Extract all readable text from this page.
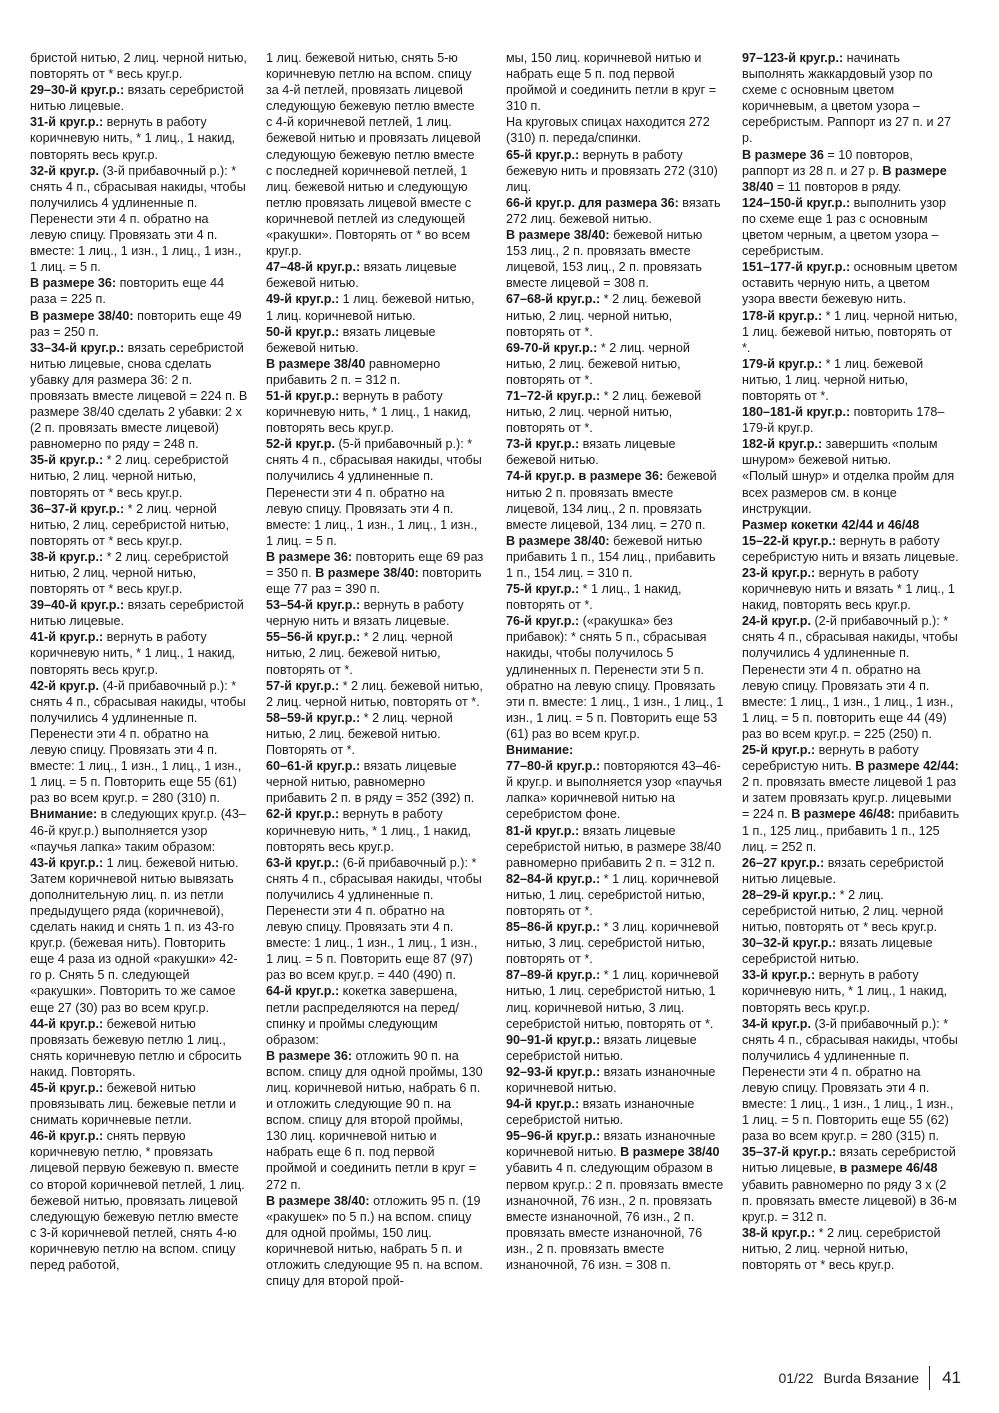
бристой нитью, 2 лиц. черной нитью, повторять от * весь круг.р.
29–30-й круг.р.: вязать серебристой нитью лицевые.
31-й круг.р.: вернуть в работу коричневую нить, * 1 лиц., 1 накид, повторять весь круг.р.
32-й круг.р. (3-й прибавочный р.): * снять 4 п., сбрасывая накиды, чтобы получились 4 удлиненные п. Перенести эти 4 п. обратно на левую спицу. Провязать эти 4 п. вместе: 1 лиц., 1 изн., 1 лиц., 1 изн., 1 лиц. = 5 п.
В размере 36: повторить еще 44 раза = 225 п.
В размере 38/40: повторить еще 49 раз = 250 п.
33–34-й круг.р.: вязать серебристой нитью лицевые, снова сделать убавку для размера 36: 2 п. провязать вместе лицевой = 224 п. В размере 38/40 сделать 2 убавки: 2 х (2 п. провязать вместе лицевой) равномерно по ряду = 248 п.
35-й круг.р.: * 2 лиц. серебристой нитью, 2 лиц. черной нитью, повторять от * весь круг.р.
36–37-й круг.р.: * 2 лиц. черной нитью, 2 лиц. серебристой нитью, повторять от * весь круг.р.
38-й круг.р.: * 2 лиц. серебристой нитью, 2 лиц. черной нитью, повторять от * весь круг.р.
39–40-й круг.р.: вязать серебристой нитью лицевые.
41-й круг.р.: вернуть в работу коричневую нить, * 1 лиц., 1 накид, повторять весь круг.р.
42-й круг.р. (4-й прибавочный р.): * снять 4 п., сбрасывая накиды, чтобы получились 4 удлиненные п. Перенести эти 4 п. обратно на левую спицу. Провязать эти 4 п. вместе: 1 лиц., 1 изн., 1 лиц., 1 изн., 1 лиц. = 5 п. Повторить еще 55 (61) раз во всем круг.р. = 280 (310) п.
Внимание: в следующих круг.р. (43–46-й круг.р.) выполняется узор «паучья лапка» таким образом:
43-й круг.р.: 1 лиц. бежевой нитью. Затем коричневой нитью вывязать дополнительную лиц. п. из петли предыдущего ряда (коричневой), сделать накид и снять 1 п. из 43-го круг.р. (бежевая нить). Повторить еще 4 раза из одной «ракушки» 42-го р. Снять 5 п. следующей «ракушки». Повторить то же самое еще 27 (30) раз во всем круг.р.
44-й круг.р.: бежевой нитью провязать бежевую петлю 1 лиц., снять коричневую петлю и сбросить накид. Повторять.
45-й круг.р.: бежевой нитью провязывать лиц. бежевые петли и снимать коричневые петли.
46-й круг.р.: снять первую коричневую петлю, * провязать лицевой первую бежевую п. вместе со второй коричневой петлей, 1 лиц. бежевой нитью, провязать лицевой следующую бежевую петлю вместе с 3-й коричневой петлей, снять 4-ю коричневую петлю на вспом. спицу перед работой,
1 лиц. бежевой нитью, снять 5-ю коричневую петлю на вспом. спицу за 4-й петлей, провязать лицевой следующую бежевую петлю вместе с 4-й коричневой петлей, 1 лиц. бежевой нитью и провязать лицевой следующую бежевую петлю вместе с последней коричневой петлей, 1 лиц. бежевой нитью и следующую петлю провязать лицевой вместе с коричневой петлей из следующей «ракушки». Повторять от * во всем круг.р.
47–48-й круг.р.: вязать лицевые бежевой нитью.
49-й круг.р.: 1 лиц. бежевой нитью, 1 лиц. коричневой нитью.
50-й круг.р.: вязать лицевые бежевой нитью.
В размере 38/40 равномерно прибавить 2 п. = 312 п.
51-й круг.р.: вернуть в работу коричневую нить, * 1 лиц., 1 накид, повторять весь круг.р.
52-й круг.р. (5-й прибавочный р.): * снять 4 п., сбрасывая накиды, чтобы получились 4 удлиненные п. Перенести эти 4 п. обратно на левую спицу. Провязать эти 4 п. вместе: 1 лиц., 1 изн., 1 лиц., 1 изн., 1 лиц. = 5 п.
В размере 36: повторить еще 69 раз = 350 п. В размере 38/40: повторить еще 77 раз = 390 п.
53–54-й круг.р.: вернуть в работу черную нить и вязать лицевые.
55–56-й круг.р.: * 2 лиц. черной нитью, 2 лиц. бежевой нитью, повторять от *.
57-й круг.р.: * 2 лиц. бежевой нитью, 2 лиц. черной нитью, повторять от *.
58–59-й круг.р.: * 2 лиц. черной нитью, 2 лиц. бежевой нитью. Повторять от *.
60–61-й круг.р.: вязать лицевые черной нитью, равномерно прибавить 2 п. в ряду = 352 (392) п.
62-й круг.р.: вернуть в работу коричневую нить, * 1 лиц., 1 накид, повторять весь круг.р.
63-й круг.р.: (6-й прибавочный р.): * снять 4 п., сбрасывая накиды, чтобы получились 4 удлиненные п. Перенести эти 4 п. обратно на левую спицу. Провязать эти 4 п. вместе: 1 лиц., 1 изн., 1 лиц., 1 изн., 1 лиц. = 5 п. Повторить еще 87 (97) раз во всем круг.р. = 440 (490) п.
64-й круг.р.: кокетка завершена, петли распределяются на перед/спинку и проймы следующим образом:
В размере 36: отложить 90 п. на вспом. спицу для одной проймы, 130 лиц. коричневой нитью, набрать 6 п. и отложить следующие 90 п. на вспом. спицу для второй проймы, 130 лиц. коричневой нитью и набрать еще 6 п. под первой проймой и соединить петли в круг = 272 п.
В размере 38/40: отложить 95 п. (19 «ракушек» по 5 п.) на вспом. спицу для одной проймы, 150 лиц. коричневой нитью, набрать 5 п. и отложить следующие 95 п. на вспом. спицу для второй прой-
мы, 150 лиц. коричневой нитью и набрать еще 5 п. под первой проймой и соединить петли в круг = 310 п.
На круговых спицах находится 272 (310) п. переда/спинки.
65-й круг.р.: вернуть в работу бежевую нить и провязать 272 (310) лиц.
66-й круг.р. для размера 36: вязать 272 лиц. бежевой нитью.
В размере 38/40: бежевой нитью 153 лиц., 2 п. провязать вместе лицевой, 153 лиц., 2 п. провязать вместе лицевой = 308 п.
67–68-й круг.р.: * 2 лиц. бежевой нитью, 2 лиц. черной нитью, повторять от *.
69-70-й круг.р.: * 2 лиц. черной нитью, 2 лиц. бежевой нитью, повторять от *.
71–72-й круг.р.: * 2 лиц. бежевой нитью, 2 лиц. черной нитью, повторять от *.
73-й круг.р.: вязать лицевые бежевой нитью.
74-й круг.р. в размере 36: бежевой нитью 2 п. провязать вместе лицевой, 134 лиц., 2 п. провязать вместе лицевой, 134 лиц. = 270 п.
В размере 38/40: бежевой нитью прибавить 1 п., 154 лиц., прибавить 1 п., 154 лиц. = 310 п.
75-й круг.р.: * 1 лиц., 1 накид, повторять от *.
76-й круг.р.: («ракушка» без прибавок): * снять 5 п., сбрасывая накиды, чтобы получилось 5 удлиненных п. Перенести эти 5 п. обратно на левую спицу. Провязать эти п. вместе: 1 лиц., 1 изн., 1 лиц., 1 изн., 1 лиц. = 5 п. Повторить еще 53 (61) раз во всем круг.р.
Внимание:
77–80-й круг.р.: повторяются 43–46-й круг.р. и выполняется узор «паучья лапка» коричневой нитью на серебристом фоне.
81-й круг.р.: вязать лицевые серебристой нитью, в размере 38/40 равномерно прибавить 2 п. = 312 п.
82–84-й круг.р.: * 1 лиц. коричневой нитью, 1 лиц. серебристой нитью, повторять от *.
85–86-й круг.р.: * 3 лиц. коричневой нитью, 3 лиц. серебристой нитью, повторять от *.
87–89-й круг.р.: * 1 лиц. коричневой нитью, 1 лиц. серебристой нитью, 1 лиц. коричневой нитью, 3 лиц. серебристой нитью, повторять от *.
90–91-й круг.р.: вязать лицевые серебристой нитью.
92–93-й круг.р.: вязать изнаночные коричневой нитью.
94-й круг.р.: вязать изнаночные серебристой нитью.
95–96-й круг.р.: вязать изнаночные коричневой нитью. В размере 38/40 убавить 4 п. следующим образом в первом круг.р.: 2 п. провязать вместе изнаночной, 76 изн., 2 п. провязать вместе изнаночной, 76 изн., 2 п. провязать вместе изнаночной, 76 изн., 2 п. провязать вместе изнаночной, 76 изн. = 308 п.
97–123-й круг.р.: начинать выполнять жаккардовый узор по схеме с основным цветом коричневым, а цветом узора – серебристым. Раппорт из 27 п. и 27 р.
В размере 36 = 10 повторов, раппорт из 28 п. и 27 р. В размере 38/40 = 11 повторов в ряду.
124–150-й круг.р.: выполнить узор по схеме еще 1 раз с основным цветом черным, а цветом узора – серебристым.
151–177-й круг.р.: основным цветом оставить черную нить, а цветом узора ввести бежевую нить.
178-й круг.р.: * 1 лиц. черной нитью, 1 лиц. бежевой нитью, повторять от *.
179-й круг.р.: * 1 лиц. бежевой нитью, 1 лиц. черной нитью, повторять от *.
180–181-й круг.р.: повторить 178–179-й круг.р.
182-й круг.р.: завершить «полым шнуром» бежевой нитью.
«Полый шнур» и отделка пройм для всех размеров см. в конце инструкции.
Размер кокетки 42/44 и 46/48
15–22-й круг.р.: вернуть в работу серебристую нить и вязать лицевые.
23-й круг.р.: вернуть в работу коричневую нить и вязать * 1 лиц., 1 накид, повторять весь круг.р.
24-й круг.р. (2-й прибавочный р.): * снять 4 п., сбрасывая накиды, чтобы получились 4 удлиненные п. Перенести эти 4 п. обратно на левую спицу. Провязать эти 4 п. вместе: 1 лиц., 1 изн., 1 лиц., 1 изн., 1 лиц. = 5 п. повторить еще 44 (49) раз во всем круг.р. = 225 (250) п.
25-й круг.р.: вернуть в работу серебристую нить. В размере 42/44: 2 п. провязать вместе лицевой 1 раз и затем провязать круг.р. лицевыми = 224 п. В размере 46/48: прибавить 1 п., 125 лиц., прибавить 1 п., 125 лиц. = 252 п.
26–27 круг.р.: вязать серебристой нитью лицевые.
28–29-й круг.р.: * 2 лиц. серебристой нитью, 2 лиц. черной нитью, повторять от * весь круг.р.
30–32-й круг.р.: вязать лицевые серебристой нитью.
33-й круг.р.: вернуть в работу коричневую нить, * 1 лиц., 1 накид, повторять весь круг.р.
34-й круг.р. (3-й прибавочный р.): * снять 4 п., сбрасывая накиды, чтобы получились 4 удлиненные п. Перенести эти 4 п. обратно на левую спицу. Провязать эти 4 п. вместе: 1 лиц., 1 изн., 1 лиц., 1 изн., 1 лиц. = 5 п. Повторить еще 55 (62) раза во всем круг.р. = 280 (315) п.
35–37-й круг.р.: вязать серебристой нитью лицевые, в размере 46/48 убавить равномерно по ряду 3 х (2 п. провязать вместе лицевой) в 36-м круг.р. = 312 п.
38-й круг.р.: * 2 лиц. серебристой нитью, 2 лиц. черной нитью, повторять от * весь круг.р.
01/22 Burda Вязание 41
